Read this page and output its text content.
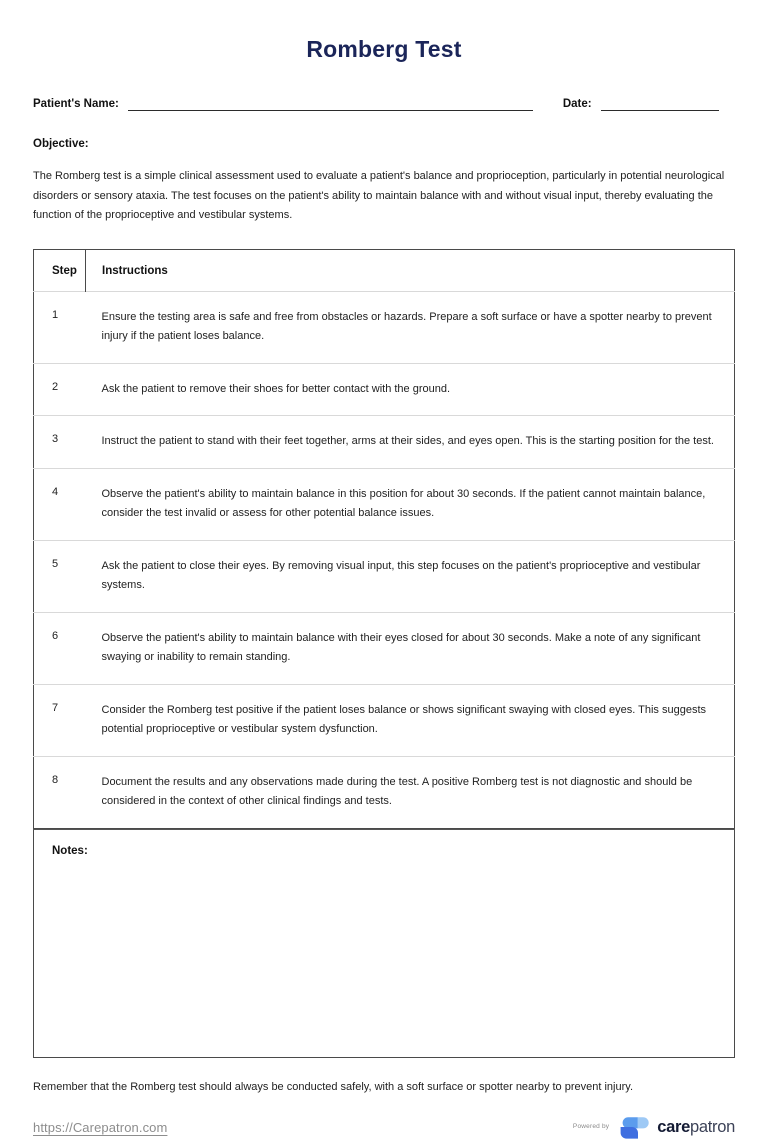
Romberg Test
Patient's Name:	Date:
Objective:

The Romberg test is a simple clinical assessment used to evaluate a patient's balance and proprioception, particularly in potential neurological disorders or sensory ataxia. The test focuses on the patient's ability to maintain balance with and without visual input, thereby evaluating the function of the proprioceptive and vestibular systems.

Step	Instructions
1	Ensure the testing area is safe and free from obstacles or hazards. Prepare a soft surface or have a spotter nearby to prevent injury if the patient loses balance.
2	Ask the patient to remove their shoes for better contact with the ground.
3	Instruct the patient to stand with their feet together, arms at their sides, and eyes open. This is the starting position for the test.
4	Observe the patient's ability to maintain balance in this position for about 30 seconds. If the patient cannot maintain balance, consider the test invalid or assess for other potential balance issues.
5	Ask the patient to close their eyes. By removing visual input, this step focuses on the patient's proprioceptive and vestibular systems.
6	Observe the patient's ability to maintain balance with their eyes closed for about 30 seconds. Make a note of any significant swaying or inability to remain standing.
7	Consider the Romberg test positive if the patient loses balance or shows significant swaying with closed eyes. This suggests potential proprioceptive or vestibular system dysfunction.
8	Document the results and any observations made during the test. A positive Romberg test is not diagnostic and should be considered in the context of other clinical findings and tests.
Notes:

Remember that the Romberg test should always be conducted safely, with a soft surface or spotter nearby to prevent injury.

https://Carepatron.com	Powered by	carepatron
